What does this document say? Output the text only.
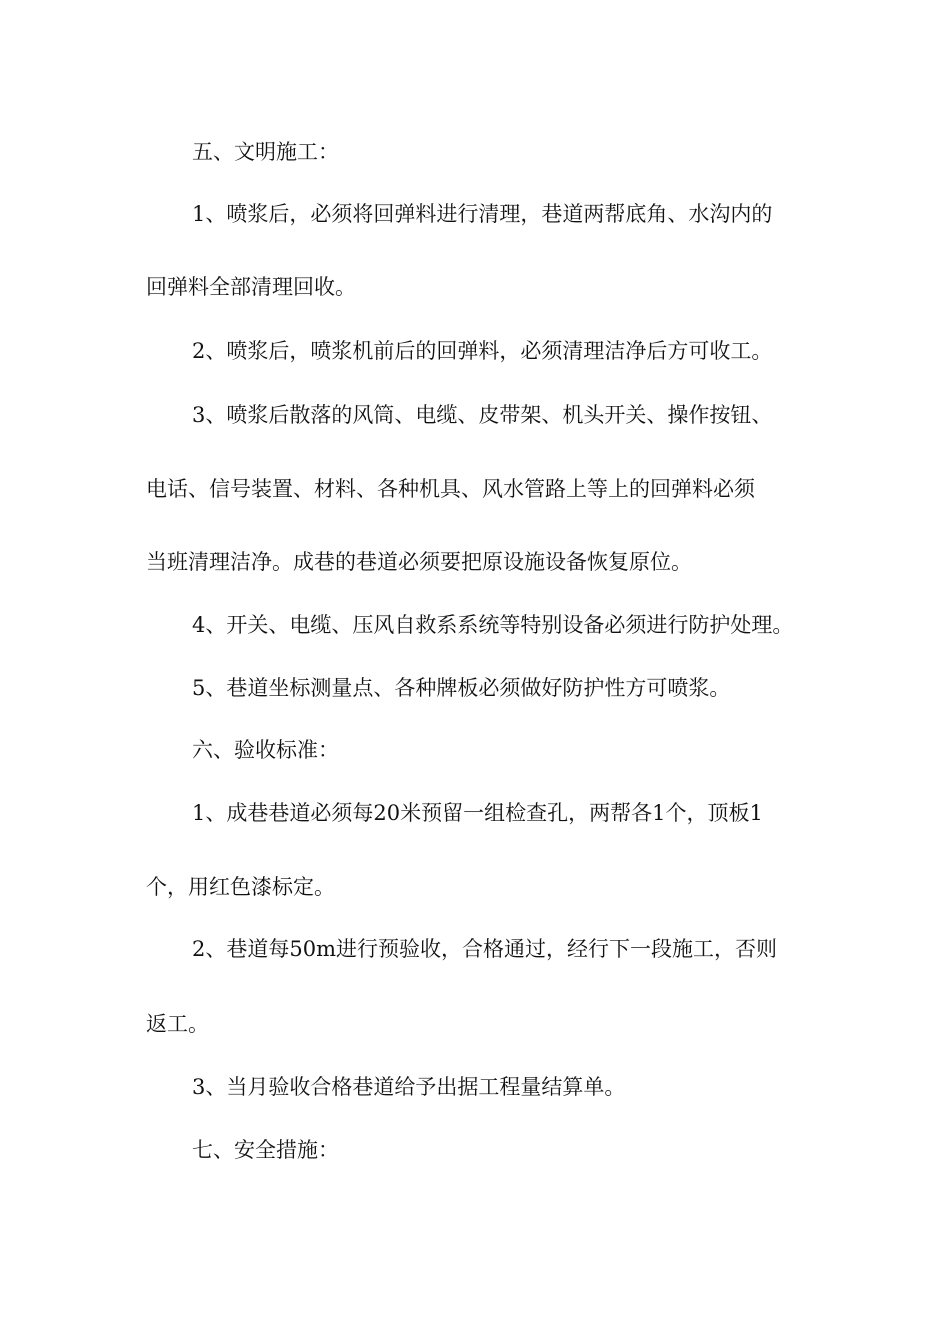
五、文明施工：
1、喷浆后，必须将回弹料进行清理，巷道两帮底角、水沟内的
回弹料全部清理回收。
2、喷浆后，喷浆机前后的回弹料，必须清理洁净后方可收工。
3、喷浆后散落的风筒、电缆、皮带架、机头开关、操作按钮、
电话、信号装置、材料、各种机具、风水管路上等上的回弹料必须
当班清理洁净。成巷的巷道必须要把原设施设备恢复原位。
4、开关、电缆、压风自救系系统等特别设备必须进行防护处理。
5、巷道坐标测量点、各种牌板必须做好防护性方可喷浆。
六、验收标准：
1、成巷巷道必须每20米预留一组检查孔，两帮各1个，顶板1
个，用红色漆标定。
2、巷道每50m进行预验收，合格通过，经行下一段施工，否则
返工。
3、当月验收合格巷道给予出据工程量结算单。
七、安全措施：
